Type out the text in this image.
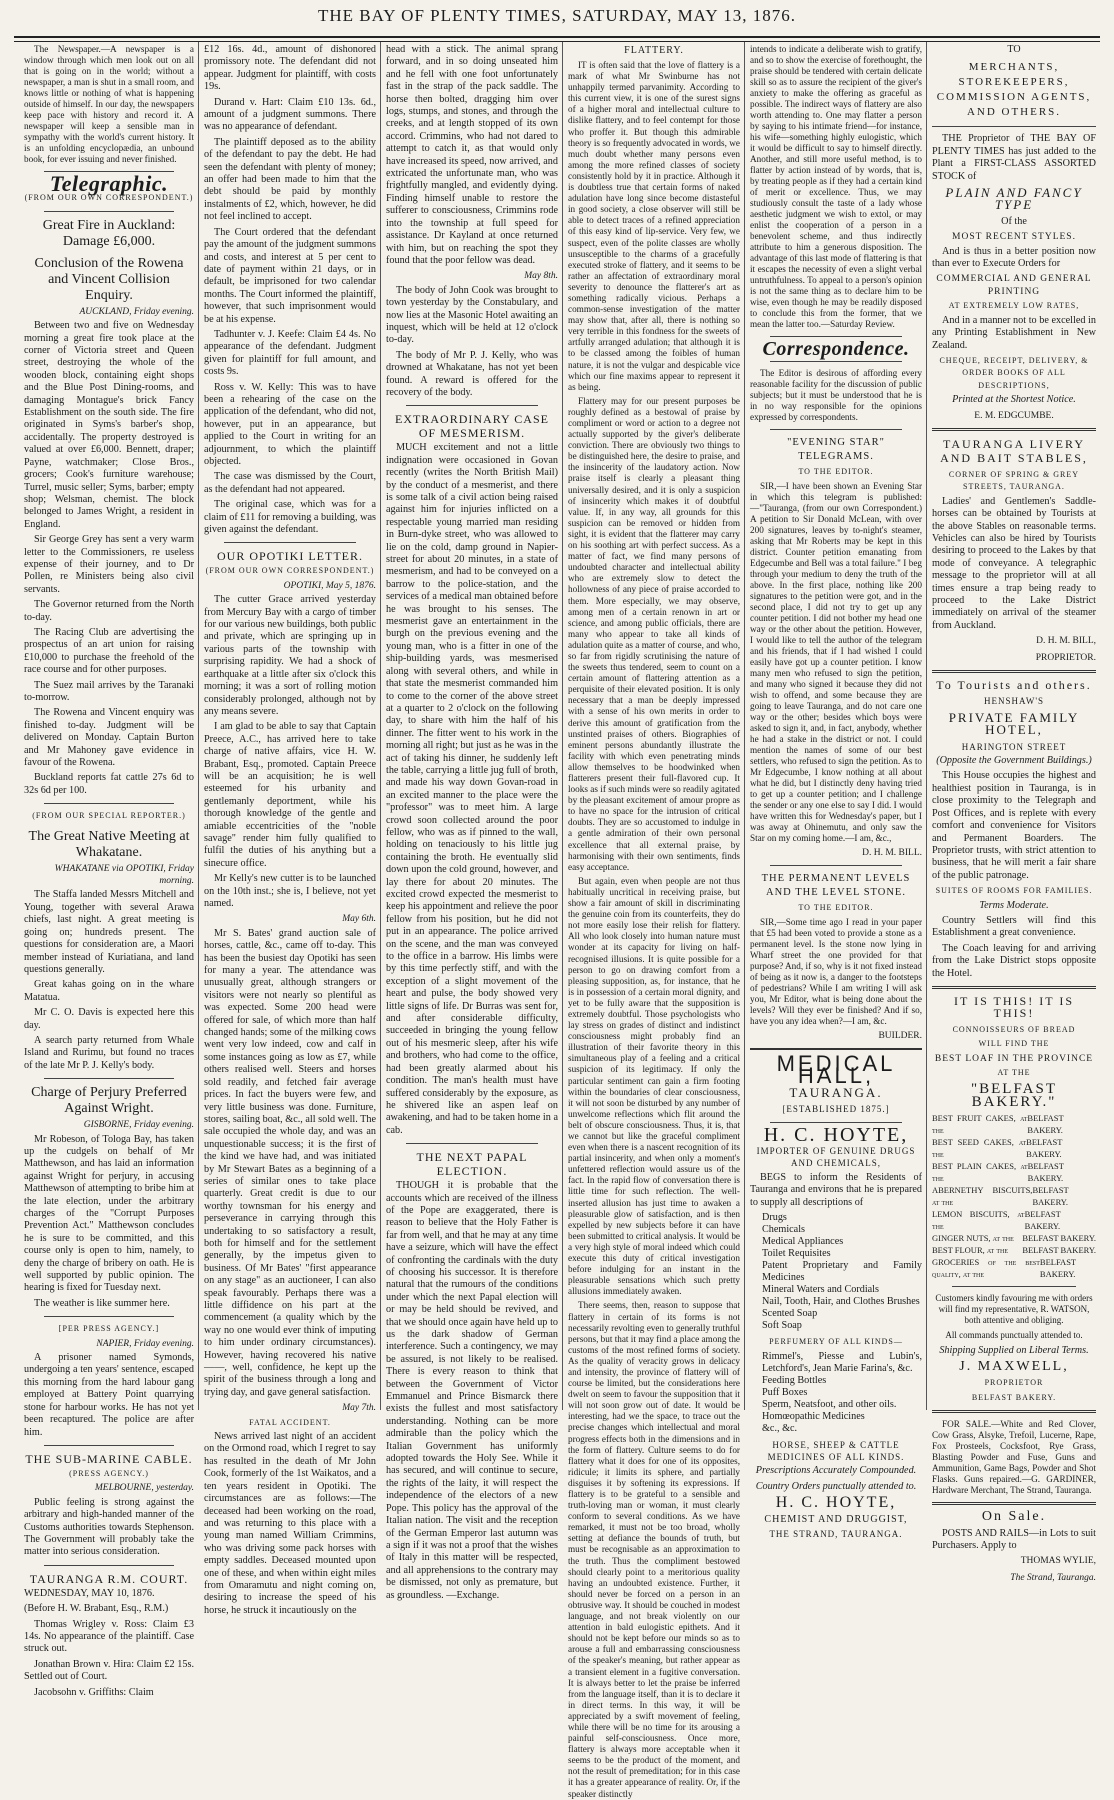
THE BAY OF PLENTY TIMES, SATURDAY, MAY 13, 1876.

The Newspaper.—A newspaper is a window through which men look out on all that is going on in the world; without a newspaper, a man is shut in a small room, and knows little or nothing of what is happening outside of himself. In our day, the newspapers keep pace with history and record it. A newspaper will keep a sensible man in sympathy with the world's current history. It is an unfolding encyclopædia, an unbound book, for ever issuing and never finished.

Telegraphic.
(FROM OUR OWN CORRESPONDENT.)
Great Fire in Auckland: Damage £6,000.
Conclusion of the Rowena and Vincent Collision Enquiry.
AUCKLAND, Friday evening.

Between two and five on Wednesday morning a great fire took place at the corner of Victoria street and Queen street, destroying the whole of the wooden block, containing eight shops and the Blue Post Dining-rooms, and damaging Montague's brick Fancy Establishment on the south side. The fire originated in Syms's barber's shop, accidentally. The property destroyed is valued at over £6,000. Bennett, draper; Payne, watchmaker; Close Bros., grocers; Cook's furniture warehouse; Turrel, music seller; Syms, barber; empty shop; Welsman, chemist. The block belonged to James Wright, a resident in England.

Sir George Grey has sent a very warm letter to the Commissioners, re useless expense of their journey, and to Dr Pollen, re Ministers being also civil servants.

The Governor returned from the North to-day.

The Racing Club are advertising the prospectus of an art union for raising £10,000 to purchase the freehold of the race course and for other purposes.

The Suez mail arrives by the Taranaki to-morrow.

The Rowena and Vincent enquiry was finished to-day. Judgment will be delivered on Monday. Captain Burton and Mr Mahoney gave evidence in favour of the Rowena.

Buckland reports fat cattle 27s 6d to 32s 6d per 100.

(FROM OUR SPECIAL REPORTER.)
The Great Native Meeting at Whakatane.
WHAKATANE via OPOTIKI, Friday morning.

The Staffa landed Messrs Mitchell and Young, together with several Arawa chiefs, last night. A great meeting is going on; hundreds present. The questions for consideration are, a Maori member instead of Kuriatiana, and land questions generally.

Great kahas going on in the whare Matatua.

Mr C. O. Davis is expected here this day.

A search party returned from Whale Island and Rurimu, but found no traces of the late Mr P. J. Kelly's body.

Charge of Perjury Preferred Against Wright.
GISBORNE, Friday evening.

Mr Robeson, of Tologa Bay, has taken up the cudgels on behalf of Mr Matthewson, and has laid an information against Wright for perjury, in accusing Matthewson of attempting to bribe him at the late election, under the arbitrary charges of the "Corrupt Purposes Prevention Act." Matthewson concludes he is sure to be committed, and this course only is open to him, namely, to deny the charge of bribery on oath. He is well supported by public opinion. The hearing is fixed for Tuesday next.

The weather is like summer here.

[PER PRESS AGENCY.]
NAPIER, Friday evening.

A prisoner named Symonds, undergoing a ten years' sentence, escaped this morning from the hard labour gang employed at Battery Point quarrying stone for harbour works. He has not yet been recaptured. The police are after him.

THE SUB-MARINE CABLE.
(PRESS AGENCY.)
MELBOURNE, yesterday.

Public feeling is strong against the arbitrary and high-handed manner of the Customs authorities towards Stephenson. The Government will probably take the matter into serious consideration.

TAURANGA R.M. COURT.

WEDNESDAY, MAY 10, 1876.

(Before H. W. Brabant, Esq., R.M.)

Thomas Wrigley v. Ross: Claim £3 14s. No appearance of the plaintiff. Case struck out.

Jonathan Brown v. Hira: Claim £2 15s. Settled out of Court.

Jacobsohn v. Griffiths: Claim

£12 16s. 4d., amount of dishonored promissory note. The defendant did not appear. Judgment for plaintiff, with costs 19s.

Durand v. Hart: Claim £10 13s. 6d., amount of a judgment summons. There was no appearance of defendant.

The plaintiff deposed as to the ability of the defendant to pay the debt. He had seen the defendant with plenty of money; an offer had been made to him that the debt should be paid by monthly instalments of £2, which, however, he did not feel inclined to accept.

The Court ordered that the defendant pay the amount of the judgment summons and costs, and interest at 5 per cent to date of payment within 21 days, or in default, be imprisoned for two calendar months. The Court informed the plaintiff, however, that such imprisonment would be at his expense.

Tadhunter v. J. Keefe: Claim £4 4s. No appearance of the defendant. Judgment given for plaintiff for full amount, and costs 9s.

Ross v. W. Kelly: This was to have been a rehearing of the case on the application of the defendant, who did not, however, put in an appearance, but applied to the Court in writing for an adjournment, to which the plaintiff objected.

The case was dismissed by the Court, as the defendant had not appeared.

The original case, which was for a claim of £11 for removing a building, was given against the defendant.

OUR OPOTIKI LETTER.
(FROM OUR OWN CORRESPONDENT.)
OPOTIKI, May 5, 1876.

The cutter Grace arrived yesterday from Mercury Bay with a cargo of timber for our various new buildings, both public and private, which are springing up in various parts of the township with surprising rapidity. We had a shock of earthquake at a little after six o'clock this morning; it was a sort of rolling motion considerably prolonged, although not by any means severe.

I am glad to be able to say that Captain Preece, A.C., has arrived here to take charge of native affairs, vice H. W. Brabant, Esq., promoted. Captain Preece will be an acquisition; he is well esteemed for his urbanity and gentlemanly deportment, while his thorough knowledge of the gentle and amiable eccentricities of the "noble savage" render him fully qualified to fulfil the duties of his anything but a sinecure office.

Mr Kelly's new cutter is to be launched on the 10th inst.; she is, I believe, not yet named.

May 6th.

Mr S. Bates' grand auction sale of horses, cattle, &c., came off to-day. This has been the busiest day Opotiki has seen for many a year. The attendance was unusually great, although strangers or visitors were not nearly so plentiful as was expected. Some 200 head were offered for sale, of which more than half changed hands; some of the milking cows went very low indeed, cow and calf in some instances going as low as £7, while others realised well. Steers and horses sold readily, and fetched fair average prices. In fact the buyers were few, and very little business was done. Furniture, stores, sailing boat, &c., all sold well. The sale occupied the whole day, and was an unquestionable success; it is the first of the kind we have had, and was initiated by Mr Stewart Bates as a beginning of a series of similar ones to take place quarterly. Great credit is due to our worthy townsman for his energy and perseverance in carrying through this undertaking to so satisfactory a result, both for himself and for the settlement generally, by the impetus given to business. Of Mr Bates' "first appearance on any stage" as an auctioneer, I can also speak favourably. Perhaps there was a little diffidence on his part at the commencement (a quality which by the way no one would ever think of imputing to him under ordinary circumstances). However, having recovered his native——, well, confidence, he kept up the spirit of the business through a long and trying day, and gave general satisfaction.

May 7th.
FATAL ACCIDENT.

News arrived last night of an accident on the Ormond road, which I regret to say has resulted in the death of Mr John Cook, formerly of the 1st Waikatos, and a ten years resident in Opotiki. The circumstances are as follows:—The deceased had been working on the road, and was returning to this place with a young man named William Crimmins, who was driving some pack horses with empty saddles. Deceased mounted upon one of these, and when within eight miles from Omaramutu and night coming on, desiring to increase the speed of his horse, he struck it incautiously on the

head with a stick. The animal sprang forward, and in so doing unseated him and he fell with one foot unfortunately fast in the strap of the pack saddle. The horse then bolted, dragging him over logs, stumps, and stones, and through the creeks, and at length stopped of its own accord. Crimmins, who had not dared to attempt to catch it, as that would only have increased its speed, now arrived, and extricated the unfortunate man, who was frightfully mangled, and evidently dying. Finding himself unable to restore the sufferer to consciousness, Crimmins rode into the township at full speed for assistance. Dr Kayland at once returned with him, but on reaching the spot they found that the poor fellow was dead.

May 8th.

The body of John Cook was brought to town yesterday by the Constabulary, and now lies at the Masonic Hotel awaiting an inquest, which will be held at 12 o'clock to-day.

The body of Mr P. J. Kelly, who was drowned at Whakatane, has not yet been found. A reward is offered for the recovery of the body.

EXTRAORDINARY CASE OF MESMERISM.

MUCH excitement and not a little indignation were occasioned in Govan recently (writes the North British Mail) by the conduct of a mesmerist, and there is some talk of a civil action being raised against him for injuries inflicted on a respectable young married man residing in Burn-dyke street, who was allowed to lie on the cold, damp ground in Napier-street for about 20 minutes, in a state of mesmerism, and had to be conveyed on a barrow to the police-station, and the services of a medical man obtained before he was brought to his senses. The mesmerist gave an entertainment in the burgh on the previous evening and the young man, who is a fitter in one of the ship-building yards, was mesmerised along with several others, and while in that state the mesmerist commanded him to come to the corner of the above street at a quarter to 2 o'clock on the following day, to share with him the half of his dinner. The fitter went to his work in the morning all right; but just as he was in the act of taking his dinner, he suddenly left the table, carrying a little jug full of broth, and made his way down Govan-road in an excited manner to the place were the "professor" was to meet him. A large crowd soon collected around the poor fellow, who was as if pinned to the wall, holding on tenaciously to his little jug containing the broth. He eventually slid down upon the cold ground, however, and lay there for about 20 minutes. The excited crowd expected the mesmerist to keep his appointment and relieve the poor fellow from his position, but he did not put in an appearance. The police arrived on the scene, and the man was conveyed to the office in a barrow. His limbs were by this time perfectly stiff, and with the exception of a slight movement of the heart and pulse, the body showed very little signs of life. Dr Burras was sent for, and after considerable difficulty, succeeded in bringing the young fellow out of his mesmeric sleep, after his wife and brothers, who had come to the office, had been greatly alarmed about his condition. The man's health must have suffered considerably by the exposure, as he shivered like an aspen leaf on awakening, and had to be taken home in a cab.

THE NEXT PAPAL ELECTION.

THOUGH it is probable that the accounts which are received of the illness of the Pope are exaggerated, there is reason to believe that the Holy Father is far from well, and that he may at any time have a seizure, which will have the effect of confronting the cardinals with the duty of choosing his successor. It is therefore natural that the rumours of the conditions under which the next Papal election will or may be held should be revived, and that we should once again have held up to us the dark shadow of German interference. Such a contingency, we may be assured, is not likely to be realised. There is every reason to think that between the Government of Victor Emmanuel and Prince Bismarck there exists the fullest and most satisfactory understanding. Nothing can be more admirable than the policy which the Italian Government has uniformly adopted towards the Holy See. While it has secured, and will continue to secure, the rights of the laity, it will respect the independence of the electors of a new Pope. This policy has the approval of the Italian nation. The visit and the reception of the German Emperor last autumn was a sign if it was not a proof that the wishes of Italy in this matter will be respected, and all apprehensions to the contrary may be dismissed, not only as premature, but as groundless. —Exchange.

FLATTERY.

IT is often said that the love of flattery is a mark of what Mr Swinburne has not unhappily termed parvanimity. According to this current view, it is one of the surest signs of a higher moral and intellectual culture to dislike flattery, and to feel contempt for those who proffer it. But though this admirable theory is so frequently advocated in words, we much doubt whether many persons even among the more refined classes of society consistently hold by it in practice. Although it is doubtless true that certain forms of naked adulation have long since become distasteful in good society, a close observer will still be able to detect traces of a refined appreciation of this easy kind of lip-service. Very few, we suspect, even of the polite classes are wholly unsusceptible to the charms of a gracefully executed stroke of flattery, and it seems to be rather an affectation of extraordinary moral severity to denounce the flatterer's art as something radically vicious. Perhaps a common-sense investigation of the matter may show that, after all, there is nothing so very terrible in this fondness for the sweets of artfully arranged adulation; that although it is to be classed among the foibles of human nature, it is not the vulgar and despicable vice which our fine maxims appear to represent it as being.

Flattery may for our present purposes be roughly defined as a bestowal of praise by compliment or word or action to a degree not actually supported by the giver's deliberate conviction. There are obviously two things to be distinguished here, the desire to praise, and the insincerity of the laudatory action. Now praise itself is clearly a pleasant thing universally desired, and it is only a suspicion of insincerity which makes it of doubtful value. If, in any way, all grounds for this suspicion can be removed or hidden from sight, it is evident that the flatterer may carry on his soothing art with perfect success. As a matter of fact, we find many persons of undoubted character and intellectual ability who are extremely slow to detect the hollowness of any piece of praise accorded to them. More especially, we may observe, among men of a certain renown in art or science, and among public officials, there are many who appear to take all kinds of adulation quite as a matter of course, and who, so far from rigidly scrutinising the nature of the sweets thus tendered, seem to count on a certain amount of flattering attention as a perquisite of their elevated position. It is only necessary that a man be deeply impressed with a sense of his own merits in order to derive this amount of gratification from the unstinted praises of others. Biographies of eminent persons abundantly illustrate the facility with which even penetrating minds allow themselves to be hoodwinked when flatterers present their full-flavored cup. It looks as if such minds were so readily agitated by the pleasant excitement of amour propre as to have no space for the intrusion of critical doubts. They are so accustomed to indulge in a gentle admiration of their own personal excellence that all external praise, by harmonising with their own sentiments, finds easy acceptance.

But again, even when people are not thus habitually uncritical in receiving praise, but show a fair amount of skill in discriminating the genuine coin from its counterfeits, they do not more easily lose their relish for flattery. All who look closely into human nature must wonder at its capacity for living on half-recognised illusions. It is quite possible for a person to go on drawing comfort from a pleasing supposition, as, for instance, that he is in possession of a certain moral dignity, and yet to be fully aware that the supposition is extremely doubtful. Those psychologists who lay stress on grades of distinct and indistinct consciousness might probably find an illustration of their favorite theory in this simultaneous play of a feeling and a critical suspicion of its legitimacy. If only the particular sentiment can gain a firm footing within the boundaries of clear consciousness, it will not soon be disturbed by any number of unwelcome reflections which flit around the belt of obscure consciousness. Thus, it is, that we cannot but like the graceful compliment even when there is a nascent recognition of its partial insincerity, and when only a moment's unfettered reflection would assure us of the fact. In the rapid flow of conversation there is little time for such reflection. The well-inserted allusion has just time to awaken a pleasurable glow of satisfaction, and is then expelled by new subjects before it can have been submitted to critical analysis. It would be a very high style of moral indeed which could execute this duty of critical investigation before indulging for an instant in the pleasurable sensations which such pretty allusions immediately awaken.

There seems, then, reason to suppose that flattery in certain of its forms is not necessarily revolting even to generally truthful persons, but that it may find a place among the customs of the most refined forms of society. As the quality of veracity grows in delicacy and intensity, the province of flattery will of course be limited, but the considerations here dwelt on seem to favour the supposition that it will not soon grow out of date. It would be interesting, had we the space, to trace out the precise changes which intellectual and moral progress effects both in the dimensions and in the form of flattery. Culture seems to do for flattery what it does for one of its opposites, ridicule; it limits its sphere, and partially disguises it by softening its expressions. If flattery is to be grateful to a sensible and truth-loving man or woman, it must clearly conform to several conditions. As we have remarked, it must not be too broad, wholly setting at defiance the bounds of truth, but must be recognisable as an approximation to the truth. Thus the compliment bestowed should clearly point to a meritorious quality having an undoubted existence. Further, it should never be forced on a person in an obtrusive way. It should be couched in modest language, and not break violently on our attention in bald eulogistic epithets. And it should not be kept before our minds so as to arouse a full and embarrassing consciousness of the speaker's meaning, but rather appear as a transient element in a fugitive conversation. It is always better to let the praise be inferred from the language itself, than it is to declare it in direct terms. In this way, it will be appreciated by a swift movement of feeling, while there will be no time for its arousing a painful self-consciousness. Once more, flattery is always more acceptable when it seems to be the product of the moment, and not the result of premeditation; for in this case it has a greater appearance of reality. Or, if the speaker distinctly

intends to indicate a deliberate wish to gratify, and so to show the exercise of forethought, the praise should be tendered with certain delicate skill so as to assure the recipient of the giver's anxiety to make the offering as graceful as possible. The indirect ways of flattery are also worth attending to. One may flatter a person by saying to his intimate friend—for instance, his wife—something highly eulogistic, which it would be difficult to say to himself directly. Another, and still more useful method, is to flatter by action instead of by words, that is, by treating people as if they had a certain kind of merit or excellence. Thus, we may studiously consult the taste of a lady whose aesthetic judgment we wish to extol, or may enlist the cooperation of a person in a benevolent scheme, and thus indirectly attribute to him a generous disposition. The advantage of this last mode of flattering is that it escapes the necessity of even a slight verbal untruthfulness. To appeal to a person's opinion is not the same thing as to declare him to be wise, even though he may be readily disposed to conclude this from the former, that we mean the latter too.—Saturday Review.

Correspondence.

The Editor is desirous of affording every reasonable facility for the discussion of public subjects; but it must be understood that he is in no way responsible for the opinions expressed by correspondents.

"EVENING STAR" TELEGRAMS.
TO THE EDITOR.

SIR,—I have been shown an Evening Star in which this telegram is published:—"Tauranga, (from our own Correspondent.) A petition to Sir Donald McLean, with over 200 signatures, leaves by to-night's steamer, asking that Mr Roberts may be kept in this district. Counter petition emanating from Edgecumbe and Bell was a total failure." I beg through your medium to deny the truth of the above. In the first place, nothing like 200 signatures to the petition were got, and in the second place, I did not try to get up any counter petition. I did not bother my head one way or the other about the petition. However, I would like to tell the author of the telegram and his friends, that if I had wished I could easily have got up a counter petition. I know many men who refused to sign the petition, and many who signed it because they did not wish to offend, and some because they are going to leave Tauranga, and do not care one way or the other; besides which boys were asked to sign it, and, in fact, anybody, whether he had a stake in the district or not. I could mention the names of some of our best settlers, who refused to sign the petition. As to Mr Edgecumbe, I know nothing at all about what he did, but I distinctly deny having tried to get up a counter petition; and I challenge the sender or any one else to say I did. I would have written this for Wednesday's paper, but I was away at Ohinemutu, and only saw the Star on my coming home.—I am, &c.,

D. H. M. BILL.
THE PERMANENT LEVELS AND THE LEVEL STONE.
TO THE EDITOR.

SIR,—Some time ago I read in your paper that £5 had been voted to provide a stone as a permanent level. Is the stone now lying in Wharf street the one provided for that purpose? And, if so, why is it not fixed instead of being as it now is, a danger to the footsteps of pedestrians? While I am writing I will ask you, Mr Editor, what is being done about the levels? Will they ever be finished? And if so, have you any idea when?—I am, &c.

BUILDER.
MEDICAL HALL,
TAURANGA.
[ESTABLISHED 1875.]
H. C. HOYTE,
IMPORTER OF GENUINE DRUGS AND CHEMICALS,

BEGS to inform the Residents of Tauranga and environs that he is prepared to supply all descriptions of

Drugs
Chemicals
Medical Appliances
Toilet Requisites
Patent Proprietary and Family Medicines
Mineral Waters and Cordials
Nail, Tooth, Hair, and Clothes Brushes
Scented Soap
Soft Soap
PERFUMERY OF ALL KINDS—
Rimmel's, Piesse and Lubin's, Letchford's, Jean Marie Farina's, &c.
Feeding Bottles
Puff Boxes
Sperm, Neatsfoot, and other oils.
Homœopathic Medicines
&c., &c.
HORSE, SHEEP & CATTLE MEDICINES OF ALL KINDS.

Prescriptions Accurately Compounded.

Country Orders punctually attended to.

H. C. HOYTE,
CHEMIST AND DRUGGIST,
THE STRAND, TAURANGA.
TO
MERCHANTS, STOREKEEPERS, COMMISSION AGENTS, AND OTHERS.

THE Proprietor of THE BAY OF PLENTY TIMES has just added to the Plant a FIRST-CLASS ASSORTED STOCK of

PLAIN AND FANCY TYPE

Of the

MOST RECENT STYLES.

And is thus in a better position now than ever to Execute Orders for

COMMERCIAL AND GENERAL PRINTING
AT EXTREMELY LOW RATES,

And in a manner not to be excelled in any Printing Establishment in New Zealand.

CHEQUE, RECEIPT, DELIVERY, & ORDER BOOKS OF ALL DESCRIPTIONS,

Printed at the Shortest Notice.

E. M. EDGCUMBE.
TAURANGA LIVERY AND BAIT STABLES,
CORNER OF SPRING & GREY STREETS, TAURANGA.

Ladies' and Gentlemen's Saddle-horses can be obtained by Tourists at the above Stables on reasonable terms. Vehicles can also be hired by Tourists desiring to proceed to the Lakes by that mode of conveyance. A telegraphic message to the proprietor will at all times ensure a trap being ready to proceed to the Lake District immediately on arrival of the steamer from Auckland.

D. H. M. BILL,
PROPRIETOR.
To Tourists and others.
HENSHAW'S
PRIVATE FAMILY HOTEL,
HARINGTON STREET

(Opposite the Government Buildings.)

This House occupies the highest and healthiest position in Tauranga, is in close proximity to the Telegraph and Post Offices, and is replete with every comfort and convenience for Visitors and Permanent Boarders. The Proprietor trusts, with strict attention to business, that he will merit a fair share of the public patronage.

SUITES OF ROOMS FOR FAMILIES.

Terms Moderate.

Country Settlers will find this Establishment a great convenience.

The Coach leaving for and arriving from the Lake District stops opposite the Hotel.

IT IS THIS! IT IS THIS!
CONNOISSEURS OF BREAD
WILL FIND THE
BEST LOAF IN THE PROVINCE
AT THE
"BELFAST BAKERY."
BEST FRUIT CAKES, at the
BELFAST BAKERY.
BEST SEED CAKES, at the
BELFAST BAKERY.
BEST PLAIN CAKES, at the
BELFAST BAKERY.
ABERNETHY BISCUITS, at the
BELFAST BAKERY.
LEMON BISCUITS, at the
BELFAST BAKERY.
GINGER NUTS, at the BELFAST BAKERY.
BEST FLOUR, at the BELFAST BAKERY.
GROCERIES of the best quality, at the
BELFAST BAKERY.

Customers kindly favouring me with orders will find my representative, R. WATSON, both attentive and obliging.

All commands punctually attended to.

Shipping Supplied on Liberal Terms.

J. MAXWELL,
PROPRIETOR
BELFAST BAKERY.

FOR SALE.—White and Red Clover, Cow Grass, Alsyke, Trefoil, Lucerne, Rape, Fox Prosteels, Cocksfoot, Rye Grass, Blasting Powder and Fuse, Guns and Ammunition, Game Bags, Powder and Shot Flasks. Guns repaired.—G. GARDINER, Hardware Merchant, The Strand, Tauranga.

On Sale.

POSTS AND RAILS—in Lots to suit Purchasers. Apply to

THOMAS WYLIE,
The Strand, Tauranga.
